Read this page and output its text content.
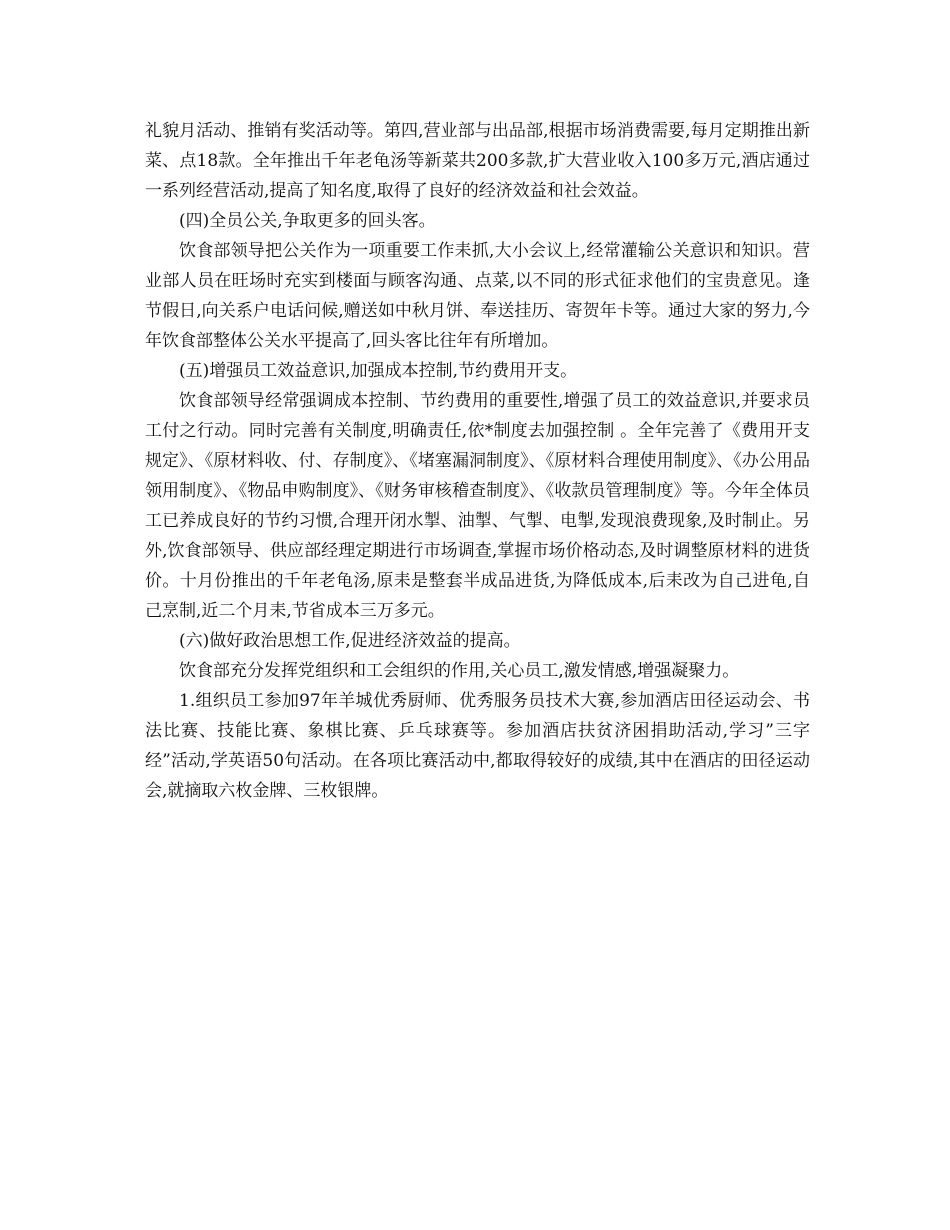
礼貌月活动、推销有奖活动等。第四,营业部与出品部,根据市场消费需要,每月定期推出新菜、点18款。全年推出千年老龟汤等新菜共200多款,扩大营业收入100多万元,酒店通过一系列经营活动,提高了知名度,取得了良好的经济效益和社会效益。

(四)全员公关,争取更多的回头客。

饮食部领导把公关作为一项重要工作耒抓,大小会议上,经常灌输公关意识和知识。营业部人员在旺场时充实到楼面与顾客沟通、点菜,以不同的形式征求他们的宝贵意见。逢节假日,向关系户电话问候,赠送如中秋月饼、奉送挂历、寄贺年卡等。通过大家的努力,今年饮食部整体公关水平提高了,回头客比往年有所增加。

(五)增强员工效益意识,加强成本控制,节约费用开支。

饮食部领导经常强调成本控制、节约费用的重要性,增强了员工的效益意识,并要求员工付之行动。同时完善有关制度,明确责任,依*制度去加强控制 。全年完善了《费用开支规定》、《原材料收、付、存制度》、《堵塞漏洞制度》、《原材料合理使用制度》、《办公用品领用制度》、《物品申购制度》、《财务审核稽查制度》、《收款员管理制度》等。今年全体员工已养成良好的节约习惯,合理开闭水掣、油掣、气掣、电掣,发现浪费现象,及时制止。另外,饮食部领导、供应部经理定期进行市场调查,掌握市场价格动态,及时调整原材料的进货价。十月份推出的千年老龟汤,原耒是整套半成品进货,为降低成本,后耒改为自己进龟,自己烹制,近二个月耒,节省成本三万多元。

(六)做好政治思想工作,促进经济效益的提高。

饮食部充分发挥党组织和工会组织的作用,关心员工,激发情感,增强凝聚力。

1.组织员工参加97年羊城优秀厨师、优秀服务员技术大赛,参加酒店田径运动会、书法比赛、技能比赛、象棋比赛、乒乓球赛等。参加酒店扶贫济困捐助活动,学习”三字经”活动,学英语50句活动。在各项比赛活动中,都取得较好的成绩,其中在酒店的田径运动会,就摘取六枚金牌、三枚银牌。
